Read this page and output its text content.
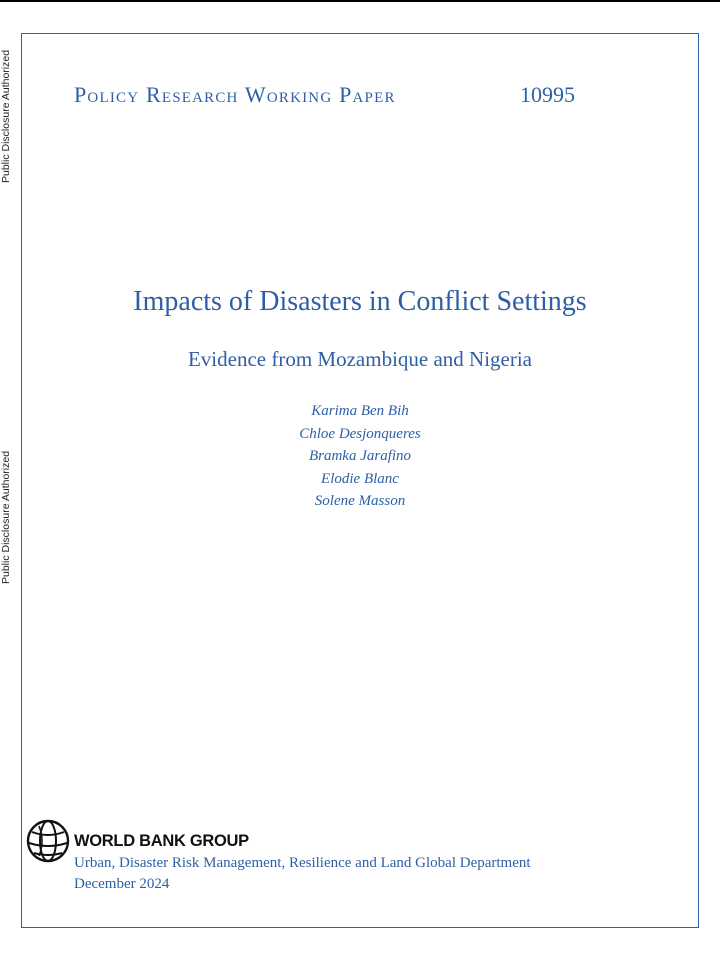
Public Disclosure Authorized
Public Disclosure Authorized
Policy Research Working Paper	10995
Impacts of Disasters in Conflict Settings
Evidence from Mozambique and Nigeria
Karima Ben Bih
Chloe Desjonqueres
Bramka Jarafino
Elodie Blanc
Solene Masson
WORLD BANK GROUP
Urban, Disaster Risk Management, Resilience and Land Global Department
December 2024
